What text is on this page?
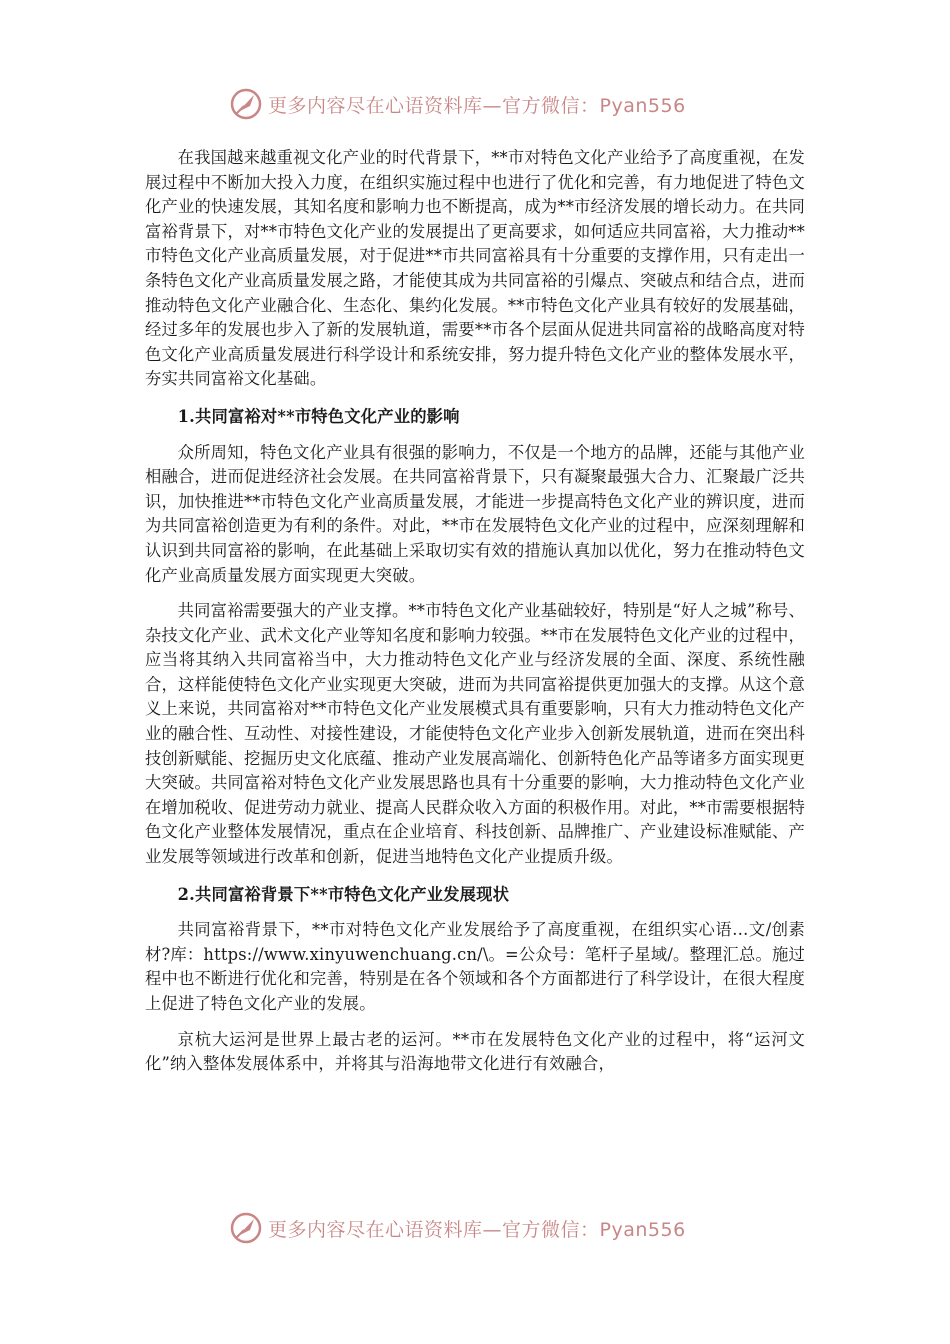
更多内容尽在心语资料库—官方微信：Pyan556

在我国越来越重视文化产业的时代背景下，**市对特色文化产业给予了高度重视，在发展过程中不断加大投入力度，在组织实施过程中也进行了优化和完善，有力地促进了特色文化产业的快速发展，其知名度和影响力也不断提高，成为**市经济发展的增长动力。在共同富裕背景下，对**市特色文化产业的发展提出了更高要求，如何适应共同富裕，大力推动**市特色文化产业高质量发展，对于促进**市共同富裕具有十分重要的支撑作用，只有走出一条特色文化产业高质量发展之路，才能使其成为共同富裕的引爆点、突破点和结合点，进而推动特色文化产业融合化、生态化、集约化发展。**市特色文化产业具有较好的发展基础，经过多年的发展也步入了新的发展轨道，需要**市各个层面从促进共同富裕的战略高度对特色文化产业高质量发展进行科学设计和系统安排，努力提升特色文化产业的整体发展水平，夯实共同富裕文化基础。

1.共同富裕对**市特色文化产业的影响

众所周知，特色文化产业具有很强的影响力，不仅是一个地方的品牌，还能与其他产业相融合，进而促进经济社会发展。在共同富裕背景下，只有凝聚最强大合力、汇聚最广泛共识，加快推进**市特色文化产业高质量发展，才能进一步提高特色文化产业的辨识度，进而为共同富裕创造更为有利的条件。对此，**市在发展特色文化产业的过程中，应深刻理解和认识到共同富裕的影响，在此基础上采取切实有效的措施认真加以优化，努力在推动特色文化产业高质量发展方面实现更大突破。

共同富裕需要强大的产业支撑。**市特色文化产业基础较好，特别是“好人之城”称号、杂技文化产业、武术文化产业等知名度和影响力较强。**市在发展特色文化产业的过程中，应当将其纳入共同富裕当中，大力推动特色文化产业与经济发展的全面、深度、系统性融合，这样能使特色文化产业实现更大突破，进而为共同富裕提供更加强大的支撑。从这个意义上来说，共同富裕对**市特色文化产业发展模式具有重要影响，只有大力推动特色文化产业的融合性、互动性、对接性建设，才能使特色文化产业步入创新发展轨道，进而在突出科技创新赋能、挖掘历史文化底蕴、推动产业发展高端化、创新特色化产品等诸多方面实现更大突破。共同富裕对特色文化产业发展思路也具有十分重要的影响，大力推动特色文化产业在增加税收、促进劳动力就业、提高人民群众收入方面的积极作用。对此，**市需要根据特色文化产业整体发展情况，重点在企业培育、科技创新、品牌推广、产业建设标准赋能、产业发展等领域进行改革和创新，促进当地特色文化产业提质升级。

2.共同富裕背景下**市特色文化产业发展现状

共同富裕背景下，**市对特色文化产业发展给予了高度重视，在组织实心语…文/创素材?库：https://www.xinyuwenchuang.cn/\。=公众号：笔杆子星域/。整理汇总。施过程中也不断进行优化和完善，特别是在各个领域和各个方面都进行了科学设计，在很大程度上促进了特色文化产业的发展。

京杭大运河是世界上最古老的运河。**市在发展特色文化产业的过程中，将“运河文化”纳入整体发展体系中，并将其与沿海地带文化进行有效融合，

更多内容尽在心语资料库—官方微信：Pyan556
